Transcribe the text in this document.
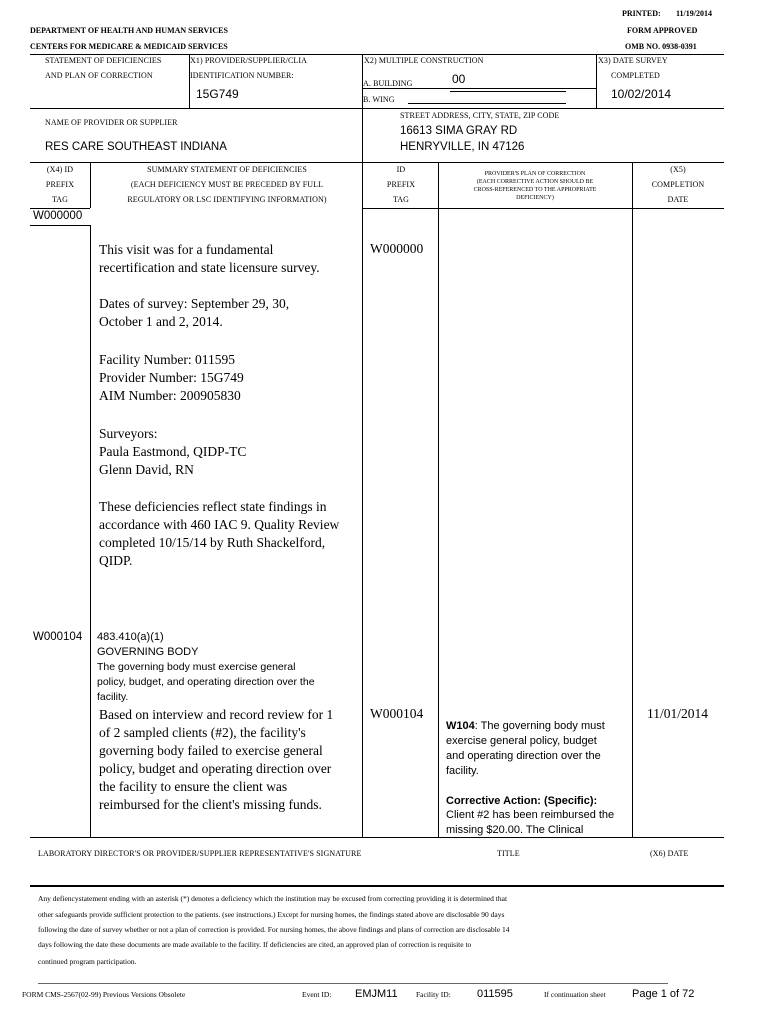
PRINTED: 11/19/2014
FORM APPROVED
OMB NO. 0938-0391
DEPARTMENT OF HEALTH AND HUMAN SERVICES
CENTERS FOR MEDICARE & MEDICAID SERVICES
STATEMENT OF DEFICIENCIES
AND PLAN OF CORRECTION
X1) PROVIDER/SUPPLIER/CLIA
IDENTIFICATION NUMBER:
15G749
X2) MULTIPLE CONSTRUCTION
A. BUILDING	00
B. WING
X3) DATE SURVEY
COMPLETED
10/02/2014
NAME OF PROVIDER OR SUPPLIER
RES CARE SOUTHEAST INDIANA
STREET ADDRESS, CITY, STATE, ZIP CODE
16613 SIMA GRAY RD
HENRYVILLE, IN 47126
(X4) ID
PREFIX
TAG
SUMMARY STATEMENT OF DEFICIENCIES
(EACH DEFICIENCY MUST BE PRECEDED BY FULL
REGULATORY OR LSC IDENTIFYING INFORMATION)
ID
PREFIX
TAG
PROVIDER'S PLAN OF CORRECTION
(EACH CORRECTIVE ACTION SHOULD BE
CROSS-REFERENCED TO THE APPROPRIATE
DEFICIENCY)
(X5)
COMPLETION
DATE
W000000
This visit was for a fundamental recertification and state licensure survey.
Dates of survey: September 29, 30, October 1 and 2, 2014.
Facility Number: 011595
Provider Number: 15G749
AIM Number: 200905830
Surveyors:
Paula Eastmond, QIDP-TC
Glenn David, RN
These deficiencies reflect state findings in accordance with 460 IAC 9. Quality Review completed 10/15/14 by Ruth Shackelford, QIDP.
W000000
W000104 483.410(a)(1)
GOVERNING BODY
The governing body must exercise general policy, budget, and operating direction over the facility.
Based on interview and record review for 1 of 2 sampled clients (#2), the facility's governing body failed to exercise general policy, budget and operating direction over the facility to ensure the client was reimbursed for the client's missing funds.
W000104
W104: The governing body must exercise general policy, budget and operating direction over the facility.
Corrective Action: (Specific):
Client #2 has been reimbursed the missing $20.00. The Clinical
11/01/2014
LABORATORY DIRECTOR'S OR PROVIDER/SUPPLIER REPRESENTATIVE'S SIGNATURE	TITLE	(X6) DATE
Any defiencystatement ending with an asterisk (*) denotes a deficiency which the institution may be excused from correcting providing it is determined that
other safeguards provide sufficient protection to the patients. (see instructions.) Except for nursing homes, the findings stated above are disclosable 90 days
following the date of survey whether or not a plan of correction is provided. For nursing homes, the above findings and plans of correction are disclosable 14
days following the date these documents are made available to the facility. If deficiencies are cited, an approved plan of correction is requisite to
continued program participation.
FORM CMS-2567(02-99) Previous Versions Obsolete	Event ID: EMJM11 Facility ID: 011595	If continuation sheet Page 1 of 72
